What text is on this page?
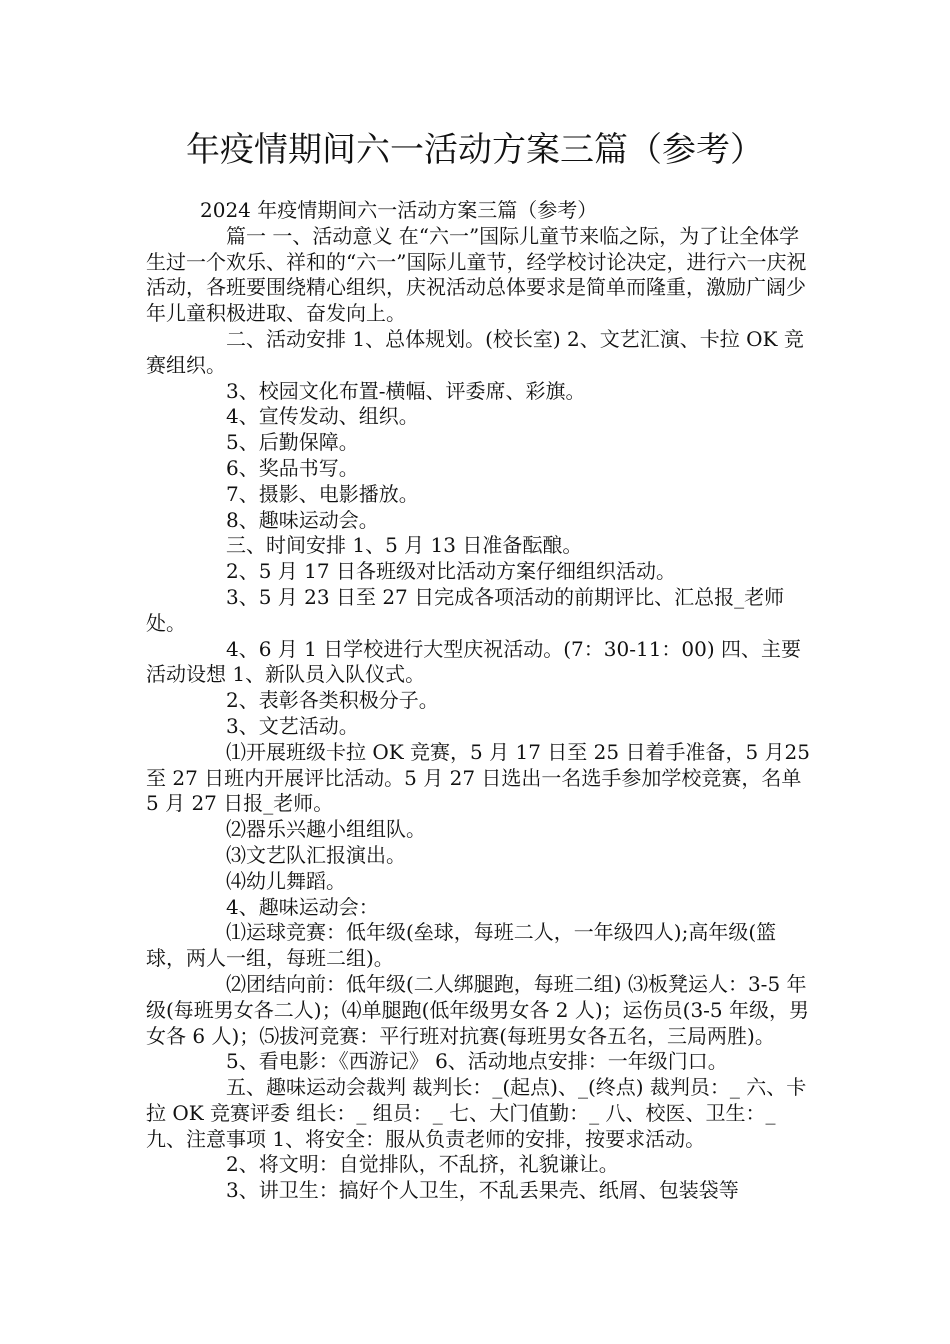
年疫情期间六一活动方案三篇（参考）

2024 年疫情期间六一活动方案三篇（参考）

篇一 一、活动意义 在“六一”国际儿童节来临之际，为了让全体学生过一个欢乐、祥和的“六一”国际儿童节，经学校讨论决定，进行六一庆祝活动，各班要围绕精心组织，庆祝活动总体要求是简单而隆重，激励广阔少年儿童积极进取、奋发向上。

二、活动安排 1、总体规划。(校长室) 2、文艺汇演、卡拉 OK 竞赛组织。

3、校园文化布置-横幅、评委席、彩旗。

4、宣传发动、组织。

5、后勤保障。

6、奖品书写。

7、摄影、电影播放。

8、趣味运动会。

三、时间安排 1、5 月 13 日准备酝酿。

2、5 月 17 日各班级对比活动方案仔细组织活动。

3、5 月 23 日至 27 日完成各项活动的前期评比、汇总报_老师处。

4、6 月 1 日学校进行大型庆祝活动。(7：30-11：00) 四、主要活动设想 1、新队员入队仪式。

2、表彰各类积极分子。

3、文艺活动。

⑴开展班级卡拉 OK 竞赛，5 月 17 日至 25 日着手准备，5 月25 至 27 日班内开展评比活动。5 月 27 日选出一名选手参加学校竞赛，名单 5 月 27 日报_老师。

⑵器乐兴趣小组组队。

⑶文艺队汇报演出。

⑷幼儿舞蹈。

4、趣味运动会：

⑴运球竞赛：低年级(垒球，每班二人，一年级四人);高年级(篮球，两人一组，每班二组)。

⑵团结向前：低年级(二人绑腿跑，每班二组) ⑶板凳运人：3-5 年级(每班男女各二人)；⑷单腿跑(低年级男女各 2 人)；运伤员(3-5 年级，男女各 6 人)；⑸拔河竞赛：平行班对抗赛(每班男女各五名，三局两胜)。

5、看电影：《西游记》 6、活动地点安排：一年级门口。

五、趣味运动会裁判 裁判长：_(起点)、_(终点) 裁判员：_ 六、卡拉 OK 竞赛评委 组长：_ 组员：_ 七、大门值勤：_ 八、校医、卫生：_ 九、注意事项 1、将安全：服从负责老师的安排，按要求活动。

2、将文明：自觉排队，不乱挤，礼貌谦让。

3、讲卫生：搞好个人卫生，不乱丢果壳、纸屑、包装袋等
